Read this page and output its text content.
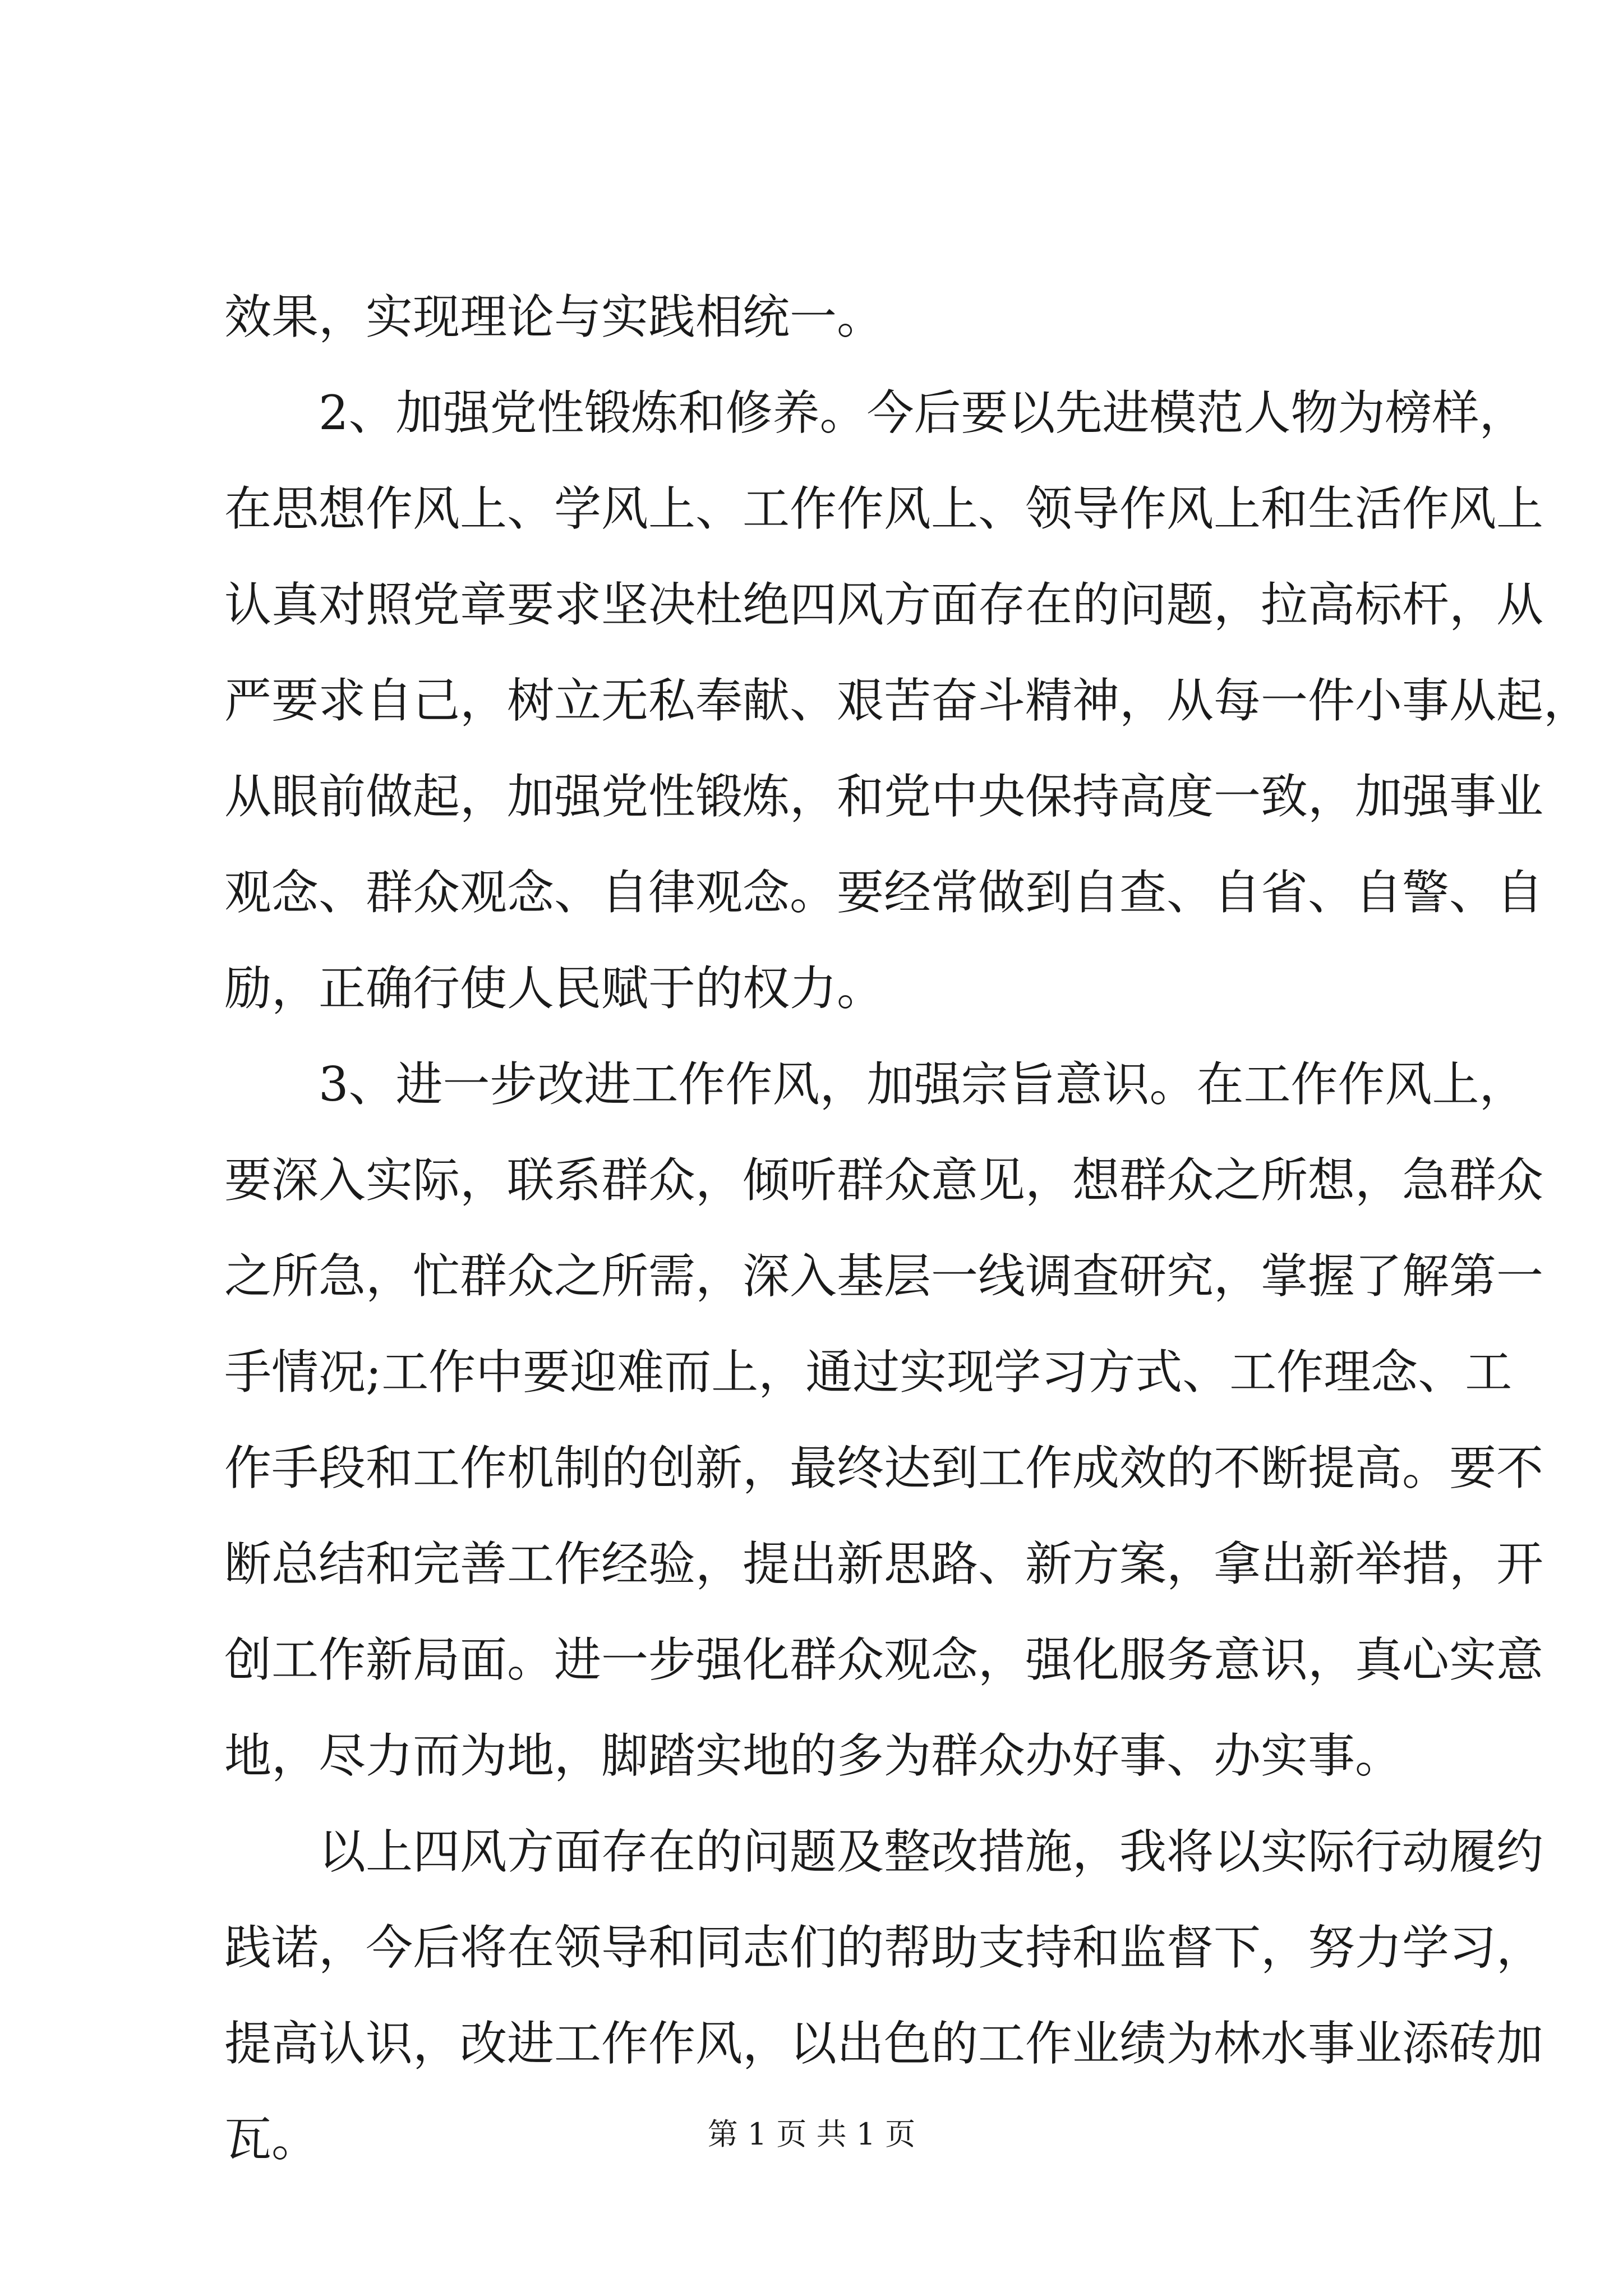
效果，实现理论与实践相统一。
2、加强党性锻炼和修养。今后要以先进模范人物为榜样，
在思想作风上、学风上、工作作风上、领导作风上和生活作风上
认真对照党章要求坚决杜绝四风方面存在的问题，拉高标杆，从
严要求自己，树立无私奉献、艰苦奋斗精神，从每一件小事从起，
从眼前做起，加强党性锻炼，和党中央保持高度一致，加强事业
观念、群众观念、自律观念。要经常做到自查、自省、自警、自
励，正确行使人民赋于的权力。
3、进一步改进工作作风，加强宗旨意识。在工作作风上，
要深入实际，联系群众，倾听群众意见，想群众之所想，急群众
之所急，忙群众之所需，深入基层一线调查研究，掌握了解第一
手情况;工作中要迎难而上，通过实现学习方式、工作理念、工
作手段和工作机制的创新，最终达到工作成效的不断提高。要不
断总结和完善工作经验，提出新思路、新方案，拿出新举措，开
创工作新局面。进一步强化群众观念，强化服务意识，真心实意
地，尽力而为地，脚踏实地的多为群众办好事、办实事。
以上四风方面存在的问题及整改措施，我将以实际行动履约
践诺，今后将在领导和同志们的帮助支持和监督下，努力学习，
提高认识，改进工作作风，以出色的工作业绩为林水事业添砖加
瓦。	第 1 页 共 1 页
